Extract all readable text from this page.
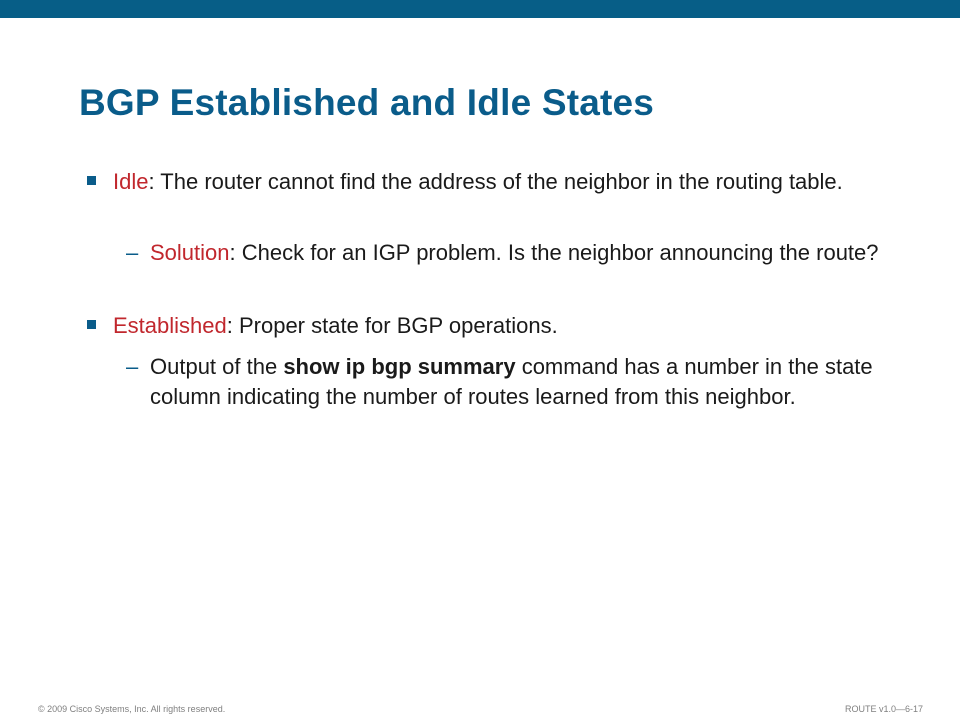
BGP Established and Idle States
Idle: The router cannot find the address of the neighbor in the routing table.
– Solution: Check for an IGP problem. Is the neighbor announcing the route?
Established: Proper state for BGP operations.
– Output of the show ip bgp summary command has a number in the state column indicating the number of routes learned from this neighbor.
© 2009 Cisco Systems, Inc. All rights reserved.	ROUTE v1.0—6-17
